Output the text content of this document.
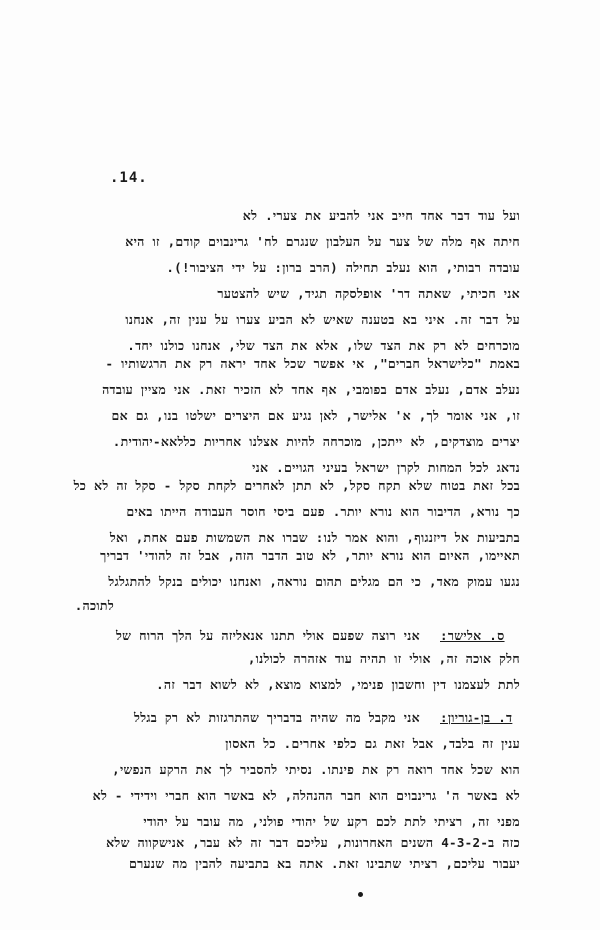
.14.
ועל עוד דבר אחד חייב אני להביע את צערי. לא
חיתה אף מלה של צער על העלבון שנגרם לח' גרינבוים קודם, זו היא
עובדה רבותי, הוא נעלב תחילה (הרב ברון: על ידי הציבור!).
אני חכיתי, שאתה דר' אופלסקה תגיד, שיש להצטער
על דבר זה. איני בא בטענה שאיש לא הביע צערו על ענין זה, אנחנו
מוכרחים לא רק את הצד שלו, אלא את הצד שלי, אנחנו כולנו יחד.
באמת "כלישראל חברים", אי אפשר שכל אחד יראה רק את הרגשותיו -
נעלב אדם, נעלב אדם בפומבי, אף אחד לא הזכיר זאת. אני מציין עובדה
זו, אני אומר לך, א' אלישר, לאן נגיע אם היצרים ישלטו בנו, גם אם
יצרים מוצדקים, לא ייתכן, מוכרחה להיות אצלנו אחריות כללאא-יהודית.
נדאג לכל המחות לקרן ישראל בעיני הגויים. אני
בכל זאת בטוח שלא תקח סקל, לא תתן לאחרים לקחת סקל - סקל זה לא כל
כך נורא, הדיבור הוא נורא יותר. פעם ביסי חוסר העבודה הייתו באים
בתביעות אל דיזנגוף, והוא אמר לנו: שברו את השמשות פעם אחת, ואל
תאיימו, האיום הוא נורא יותר, לא טוב הדבר הזה, אבל זה להודי' דבריך
נגעו עמוק מאד, כי הם מגלים תהום נוראה, ואנחנו יכולים בנקל להתגלגל
לתוכה.
ס. אלישר:
אני רוצה שפעם אולי תתנו אנאליזה על הלך הרוח של
חלק אוכה זה, אולי זו תהיה עוד אזהרה לכולנו,
לתת לעצמנו דין וחשבון פנימי, למצוא מוצא, לא לשוא דבר זה.
ד. בן-גוריון:
אני מקבל מה שהיה בדבריך שהתרגזות לא רק בגלל
ענין זה בלבד, אבל זאת גם כלפי אחרים. כל האסון
הוא שכל אחד רואה רק את פינתו. נסיתי להסביר לך את הרקע הנפשי,
לא באשר ה' גרינבוים הוא חבר ההנהלה, לא באשר הוא חברי וידידי - לא
מפני זה, רציתי לתת לכם רקע של יהודי פולני, מה עובר על יהודי
כזה ב-4-3-2 השנים האחרונות, עליכם דבר זה לא עבר, אנישקווה שלא
יעבור עליכם, רציתי שתבינו זאת. אתה בא בתביעה להבין מה שנערם
